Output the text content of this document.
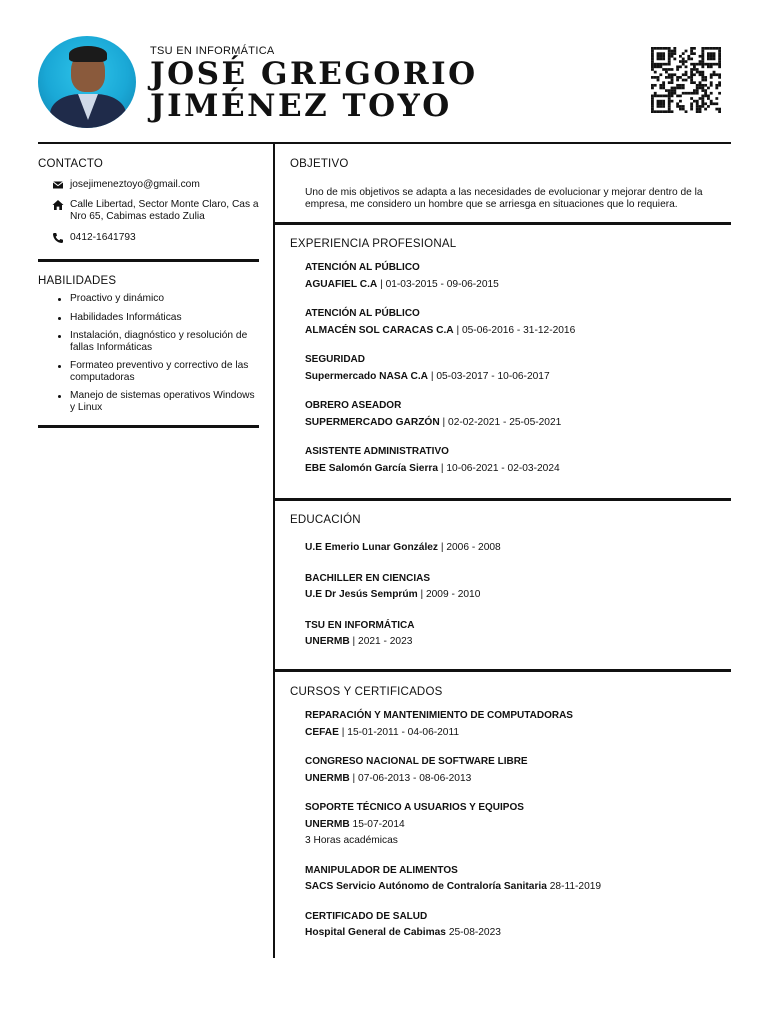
TSU EN INFORMÁTICA
JOSÉ GREGORIO
JIMÉNEZ TOYO
CONTACTO
josejimeneztoyo@gmail.com
Calle Libertad, Sector Monte Claro, Cas a Nro 65, Cabimas estado Zulia
0412-1641793
HABILIDADES
Proactivo y dinámico
Habilidades Informáticas
Instalación, diagnóstico y resolución de fallas Informáticas
Formateo preventivo y correctivo de las computadoras
Manejo de sistemas operativos Windows y Linux
OBJETIVO
Uno de mis objetivos se adapta a las necesidades de evolucionar y mejorar dentro de la empresa, me considero un hombre que se arriesga en situaciones que lo requiera.
EXPERIENCIA PROFESIONAL
ATENCIÓN AL PÚBLICO
AGUAFIEL C.A | 01-03-2015 - 09-06-2015
ATENCIÓN AL PÚBLICO
ALMACÉN SOL CARACAS C.A | 05-06-2016 - 31-12-2016
SEGURIDAD
Supermercado NASA C.A | 05-03-2017 - 10-06-2017
OBRERO ASEADOR
SUPERMERCADO GARZÓN | 02-02-2021 - 25-05-2021
ASISTENTE ADMINISTRATIVO
EBE Salomón García Sierra | 10-06-2021 - 02-03-2024
EDUCACIÓN
U.E Emerio Lunar González | 2006 - 2008
BACHILLER EN CIENCIAS
U.E Dr Jesús Semprúm | 2009 - 2010
TSU EN INFORMÁTICA
UNERMB | 2021 - 2023
CURSOS Y CERTIFICADOS
REPARACIÓN Y MANTENIMIENTO DE COMPUTADORAS
CEFAE | 15-01-2011 - 04-06-2011
CONGRESO NACIONAL DE SOFTWARE LIBRE
UNERMB | 07-06-2013 - 08-06-2013
SOPORTE TÉCNICO A USUARIOS Y EQUIPOS
UNERMB 15-07-2014
3 Horas académicas
MANIPULADOR DE ALIMENTOS
SACS Servicio Autónomo de Contraloría Sanitaria 28-11-2019
CERTIFICADO DE SALUD
Hospital General de Cabimas 25-08-2023
